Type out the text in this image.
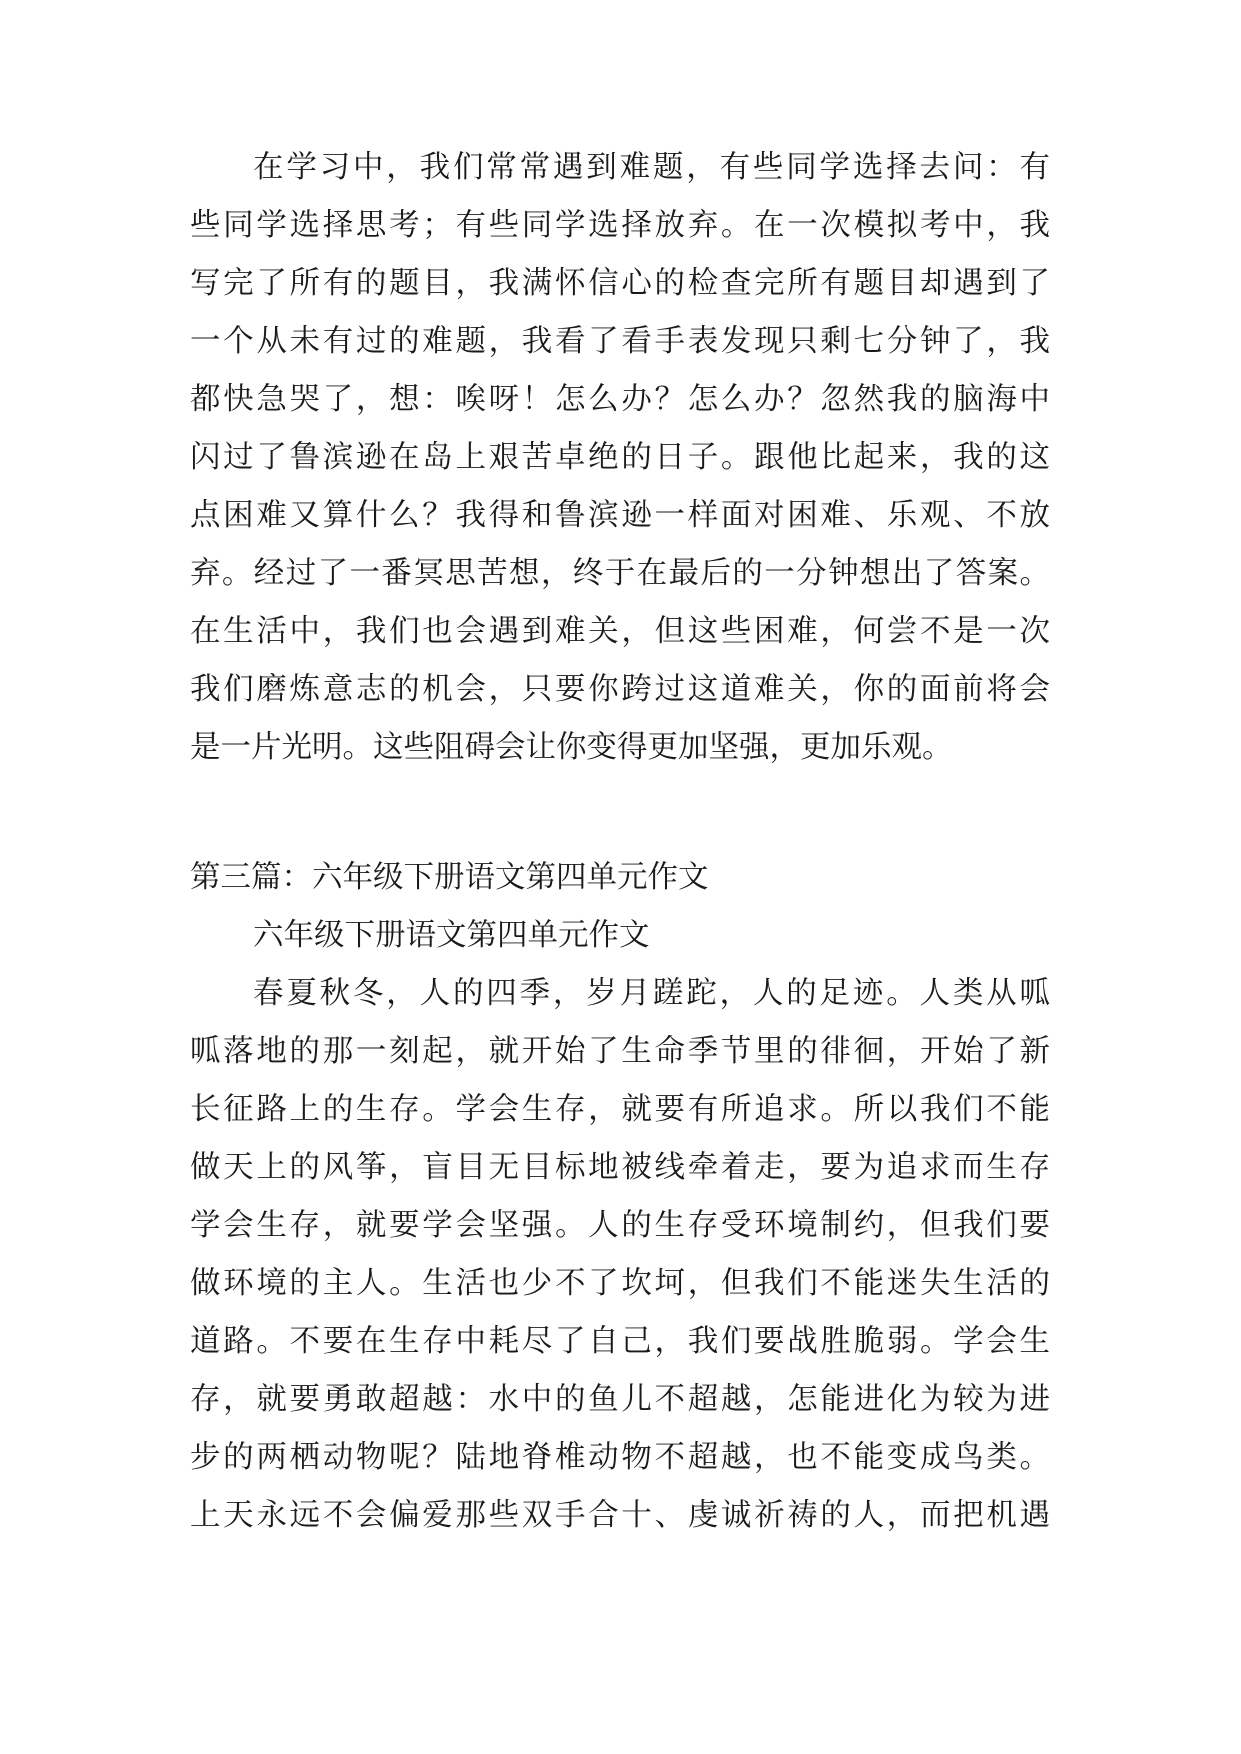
在学习中，我们常常遇到难题，有些同学选择去问：有
些同学选择思考；有些同学选择放弃。在一次模拟考中，我
写完了所有的题目，我满怀信心的检查完所有题目却遇到了
一个从未有过的难题，我看了看手表发现只剩七分钟了，我
都快急哭了，想：唉呀！怎么办？怎么办？忽然我的脑海中
闪过了鲁滨逊在岛上艰苦卓绝的日子。跟他比起来，我的这
点困难又算什么？我得和鲁滨逊一样面对困难、乐观、不放
弃。经过了一番冥思苦想，终于在最后的一分钟想出了答案。
在生活中，我们也会遇到难关，但这些困难，何尝不是一次
我们磨炼意志的机会，只要你跨过这道难关，你的面前将会
是一片光明。这些阻碍会让你变得更加坚强，更加乐观。
第三篇：六年级下册语文第四单元作文
六年级下册语文第四单元作文
春夏秋冬，人的四季，岁月蹉跎，人的足迹。人类从呱
呱落地的那一刻起，就开始了生命季节里的徘徊，开始了新
长征路上的生存。学会生存，就要有所追求。所以我们不能
做天上的风筝，盲目无目标地被线牵着走，要为追求而生存
学会生存，就要学会坚强。人的生存受环境制约，但我们要
做环境的主人。生活也少不了坎坷，但我们不能迷失生活的
道路。不要在生存中耗尽了自己，我们要战胜脆弱。学会生
存，就要勇敢超越：水中的鱼儿不超越，怎能进化为较为进
步的两栖动物呢？陆地脊椎动物不超越，也不能变成鸟类。
上天永远不会偏爱那些双手合十、虔诚祈祷的人，而把机遇
